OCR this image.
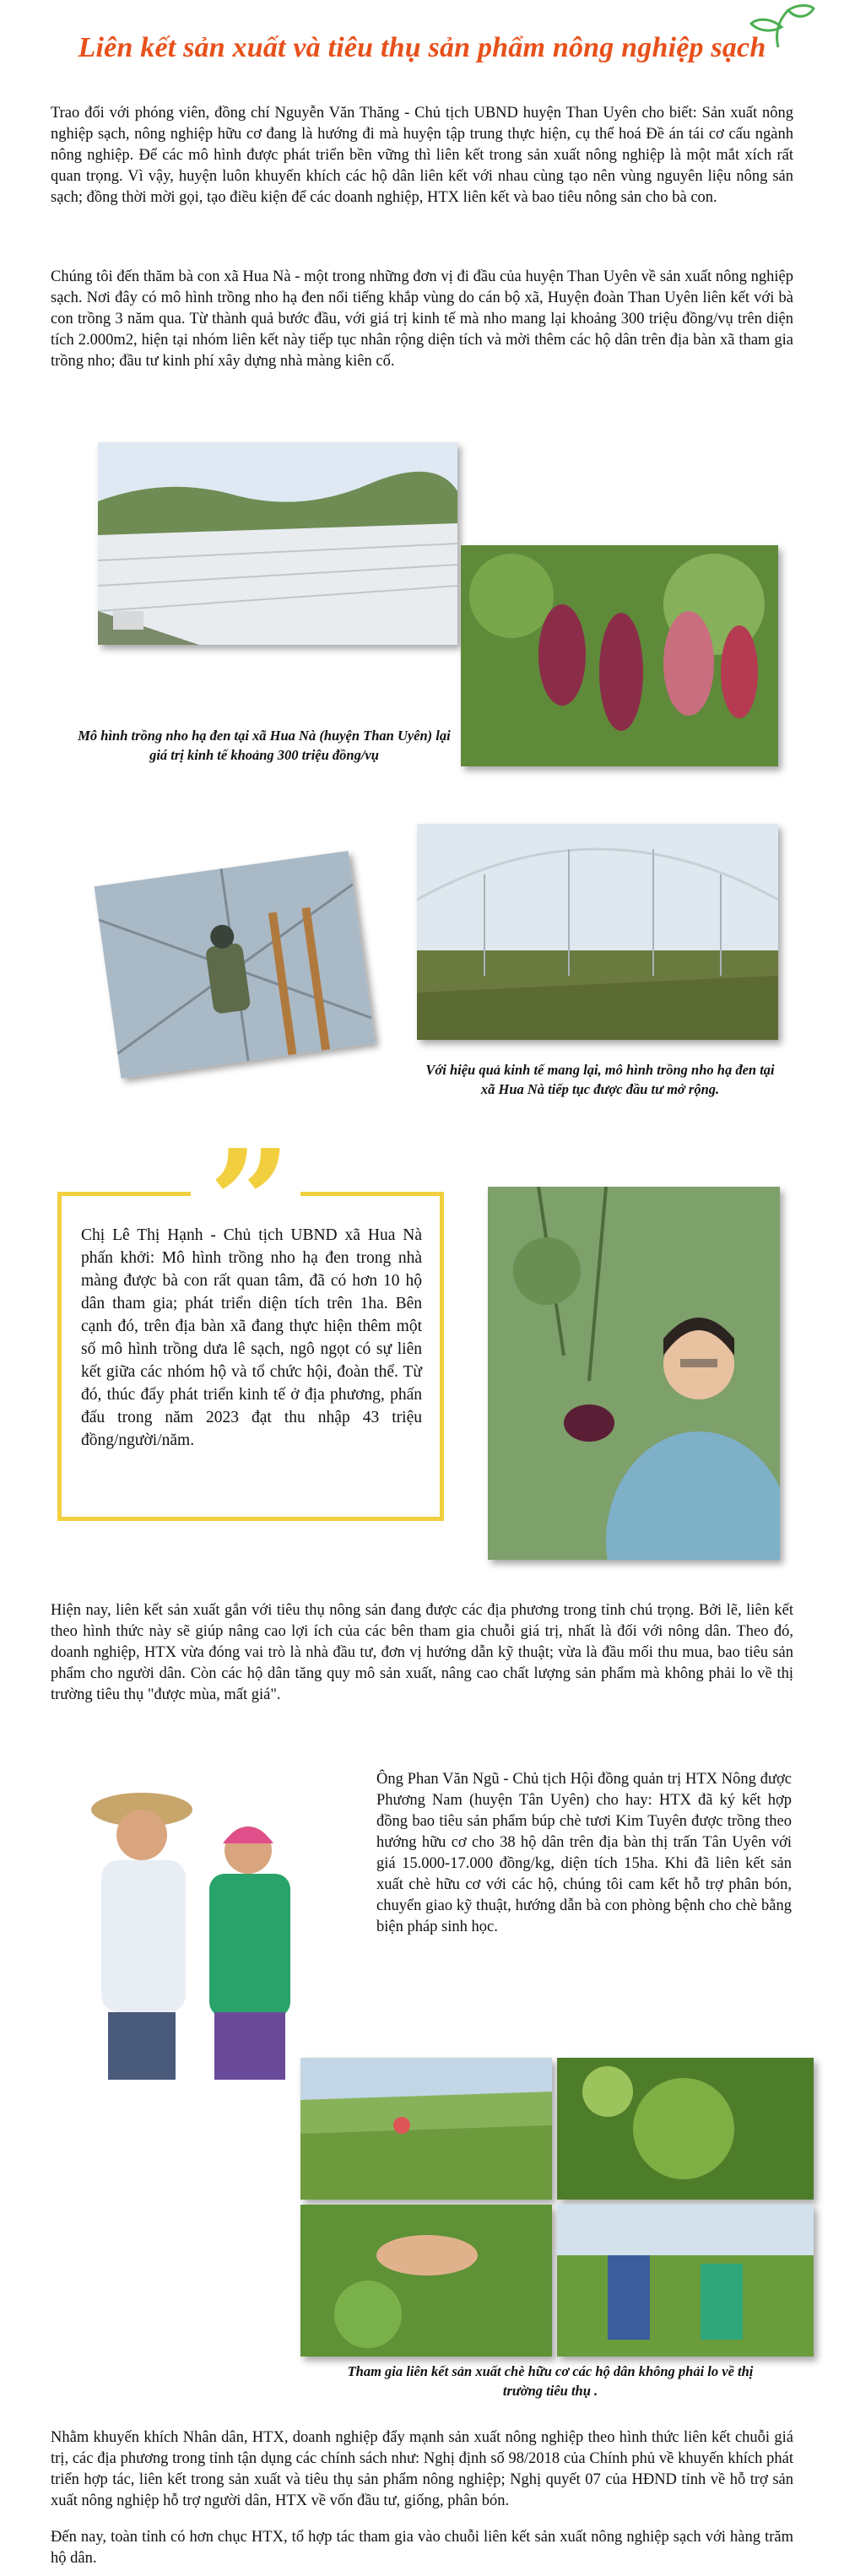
Liên kết sản xuất và tiêu thụ sản phẩm nông nghiệp sạch

Trao đổi với phóng viên, đồng chí Nguyễn Văn Thăng - Chủ tịch UBND huyện Than Uyên cho biết: Sản xuất nông nghiệp sạch, nông nghiệp hữu cơ đang là hướng đi mà huyện tập trung thực hiện, cụ thể hoá Đề án tái cơ cấu ngành nông nghiệp. Để các mô hình được phát triển bền vững thì liên kết trong sản xuất nông nghiệp là một mắt xích rất quan trọng. Vì vậy, huyện luôn khuyến khích các hộ dân liên kết với nhau cùng tạo nên vùng nguyên liệu nông sản sạch; đồng thời mời gọi, tạo điều kiện để các doanh nghiệp, HTX liên kết và bao tiêu nông sản cho bà con.

Chúng tôi đến thăm bà con xã Hua Nà - một trong những đơn vị đi đầu của huyện Than Uyên về sản xuất nông nghiệp sạch. Nơi đây có mô hình trồng nho hạ đen nổi tiếng khắp vùng do cán bộ xã, Huyện đoàn Than Uyên liên kết với bà con trồng 3 năm qua. Từ thành quả bước đầu, với giá trị kinh tế mà nho mang lại khoảng 300 triệu đồng/vụ trên diện tích 2.000m2, hiện tại nhóm liên kết này tiếp tục nhân rộng diện tích và mời thêm các hộ dân trên địa bàn xã tham gia trồng nho; đầu tư kinh phí xây dựng nhà màng kiên cố.

Mô hình trồng nho hạ đen tại xã Hua Nà (huyện Than Uyên) lại giá trị kinh tế khoảng 300 triệu đồng/vụ

Với hiệu quả kinh tế mang lại, mô hình trồng nho hạ đen tại xã Hua Nà tiếp tục được đầu tư mở rộng.

”

Chị Lê Thị Hạnh - Chủ tịch UBND xã Hua Nà phấn khởi: Mô hình trồng nho hạ đen trong nhà màng được bà con rất quan tâm, đã có hơn 10 hộ dân tham gia; phát triển diện tích trên 1ha. Bên cạnh đó, trên địa bàn xã đang thực hiện thêm một số mô hình trồng dưa lê sạch, ngô ngọt có sự liên kết giữa các nhóm hộ và tổ chức hội, đoàn thể. Từ đó, thúc đẩy phát triển kinh tế ở địa phương, phấn đấu trong năm 2023 đạt thu nhập 43 triệu đồng/người/năm.

Hiện nay, liên kết sản xuất gắn với tiêu thụ nông sản đang được các địa phương trong tỉnh chú trọng. Bởi lẽ, liên kết theo hình thức này sẽ giúp nâng cao lợi ích của các bên tham gia chuỗi giá trị, nhất là đối với nông dân. Theo đó, doanh nghiệp, HTX vừa đóng vai trò là nhà đầu tư, đơn vị hướng dẫn kỹ thuật; vừa là đầu mối thu mua, bao tiêu sản phẩm cho người dân. Còn các hộ dân tăng quy mô sản xuất, nâng cao chất lượng sản phẩm mà không phải lo về thị trường tiêu thụ "được mùa, mất giá".

Ông Phan Văn Ngũ - Chủ tịch Hội đồng quản trị HTX Nông được Phương Nam (huyện Tân Uyên) cho hay: HTX đã ký kết hợp đồng bao tiêu sản phẩm búp chè tươi Kim Tuyên được trồng theo hướng hữu cơ cho 38 hộ dân trên địa bàn thị trấn Tân Uyên với giá 15.000-17.000 đồng/kg, diện tích 15ha. Khi đã liên kết sản xuất chè hữu cơ với các hộ, chúng tôi cam kết hỗ trợ phân bón, chuyển giao kỹ thuật, hướng dẫn bà con phòng bệnh cho chè bằng biện pháp sinh học.

Tham gia liên kết sản xuất chè hữu cơ các hộ dân không phải lo về thị trường tiêu thụ .

Nhằm khuyến khích Nhân dân, HTX, doanh nghiệp đẩy mạnh sản xuất nông nghiệp theo hình thức liên kết chuỗi giá trị, các địa phương trong tỉnh tận dụng các chính sách như: Nghị định số 98/2018 của Chính phủ về khuyến khích phát triển hợp tác, liên kết trong sản xuất và tiêu thụ sản phẩm nông nghiệp; Nghị quyết 07 của HĐND tỉnh về hỗ trợ sản xuất nông nghiệp hỗ trợ người dân, HTX về vốn đầu tư, giống, phân bón.

Đến nay, toàn tỉnh có hơn chục HTX, tổ hợp tác tham gia vào chuỗi liên kết sản xuất nông nghiệp sạch với hàng trăm hộ dân.
